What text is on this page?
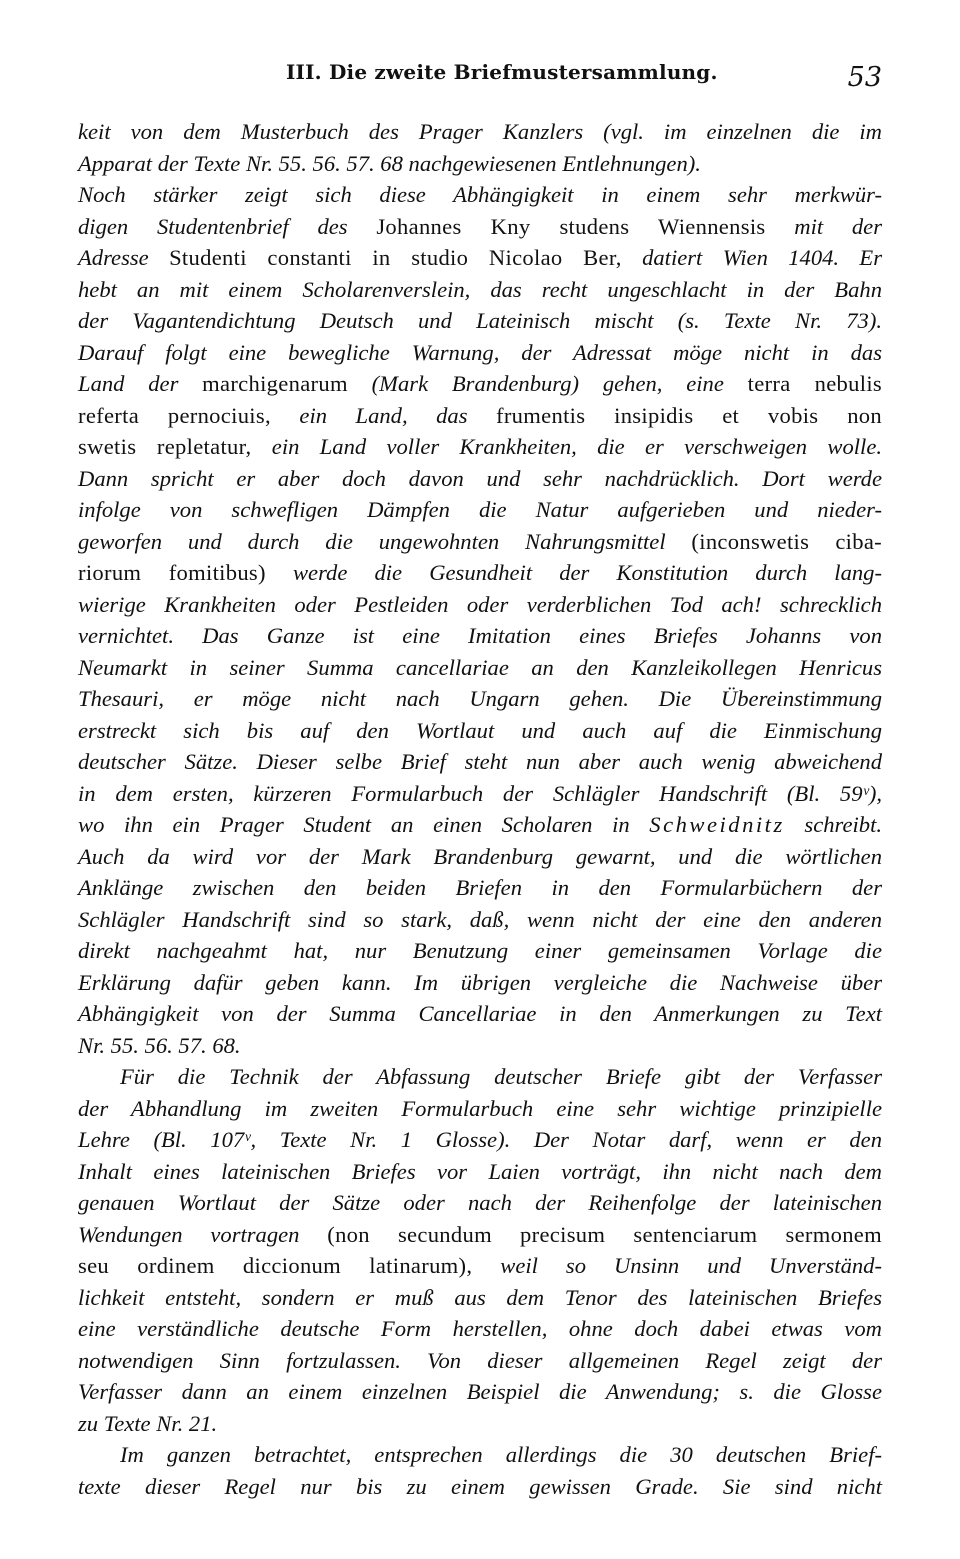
III. Die zweite Briefmustersammlung.	53
keit von dem Musterbuch des Prager Kanzlers (vgl. im einzelnen die im
Apparat der Texte Nr. 55. 56. 57. 68 nachgewiesenen Entlehnungen).
Noch stärker zeigt sich diese Abhängigkeit in einem sehr merkwür-
digen Studentenbrief des Johannes Kny studens Wiennensis mit der
Adresse Studenti constanti in studio Nicolao Ber, datiert Wien 1404. Er
hebt an mit einem Scholarenverslein, das recht ungeschlacht in der Bahn
der Vagantendichtung Deutsch und Lateinisch mischt (s. Texte Nr. 73).
Darauf folgt eine bewegliche Warnung, der Adressat möge nicht in das
Land der marchigenarum (Mark Brandenburg) gehen, eine terra nebulis
referta pernociuis, ein Land, das frumentis insipidis et vobis non
swetis repletatur, ein Land voller Krankheiten, die er verschweigen wolle.
Dann spricht er aber doch davon und sehr nachdrücklich. Dort werde
infolge von schwefligen Dämpfen die Natur aufgerieben und nieder-
geworfen und durch die ungewohnten Nahrungsmittel (inconswetis ciba-
riorum fomitibus) werde die Gesundheit der Konstitution durch lang-
wierige Krankheiten oder Pestleiden oder verderblichen Tod ach! schrecklich
vernichtet. Das Ganze ist eine Imitation eines Briefes Johanns von
Neumarkt in seiner Summa cancellariae an den Kanzleikollegen Henricus
Thesauri, er möge nicht nach Ungarn gehen. Die Übereinstimmung
erstreckt sich bis auf den Wortlaut und auch auf die Einmischung
deutscher Sätze. Dieser selbe Brief steht nun aber auch wenig abweichend
in dem ersten, kürzeren Formularbuch der Schlägler Handschrift (Bl. 59ᵛ),
wo ihn ein Prager Student an einen Scholaren in Schweidnitz schreibt.
Auch da wird vor der Mark Brandenburg gewarnt, und die wörtlichen
Anklänge zwischen den beiden Briefen in den Formularbüchern der
Schlägler Handschrift sind so stark, daß, wenn nicht der eine den anderen
direkt nachgeahmt hat, nur Benutzung einer gemeinsamen Vorlage die
Erklärung dafür geben kann. Im übrigen vergleiche die Nachweise über
Abhängigkeit von der Summa Cancellariae in den Anmerkungen zu Text
Nr. 55. 56. 57. 68.
Für die Technik der Abfassung deutscher Briefe gibt der Verfasser
der Abhandlung im zweiten Formularbuch eine sehr wichtige prinzipielle
Lehre (Bl. 107ᵛ, Texte Nr. 1 Glosse). Der Notar darf, wenn er den
Inhalt eines lateinischen Briefes vor Laien vorträgt, ihn nicht nach dem
genauen Wortlaut der Sätze oder nach der Reihenfolge der lateinischen
Wendungen vortragen (non secundum precisum sentenciarum sermonem
seu ordinem diccionum latinarum), weil so Unsinn und Unverständ-
lichkeit entsteht, sondern er muß aus dem Tenor des lateinischen Briefes
eine verständliche deutsche Form herstellen, ohne doch dabei etwas vom
notwendigen Sinn fortzulassen. Von dieser allgemeinen Regel zeigt der
Verfasser dann an einem einzelnen Beispiel die Anwendung; s. die Glosse
zu Texte Nr. 21.
Im ganzen betrachtet, entsprechen allerdings die 30 deutschen Brief-
texte dieser Regel nur bis zu einem gewissen Grade. Sie sind nicht
